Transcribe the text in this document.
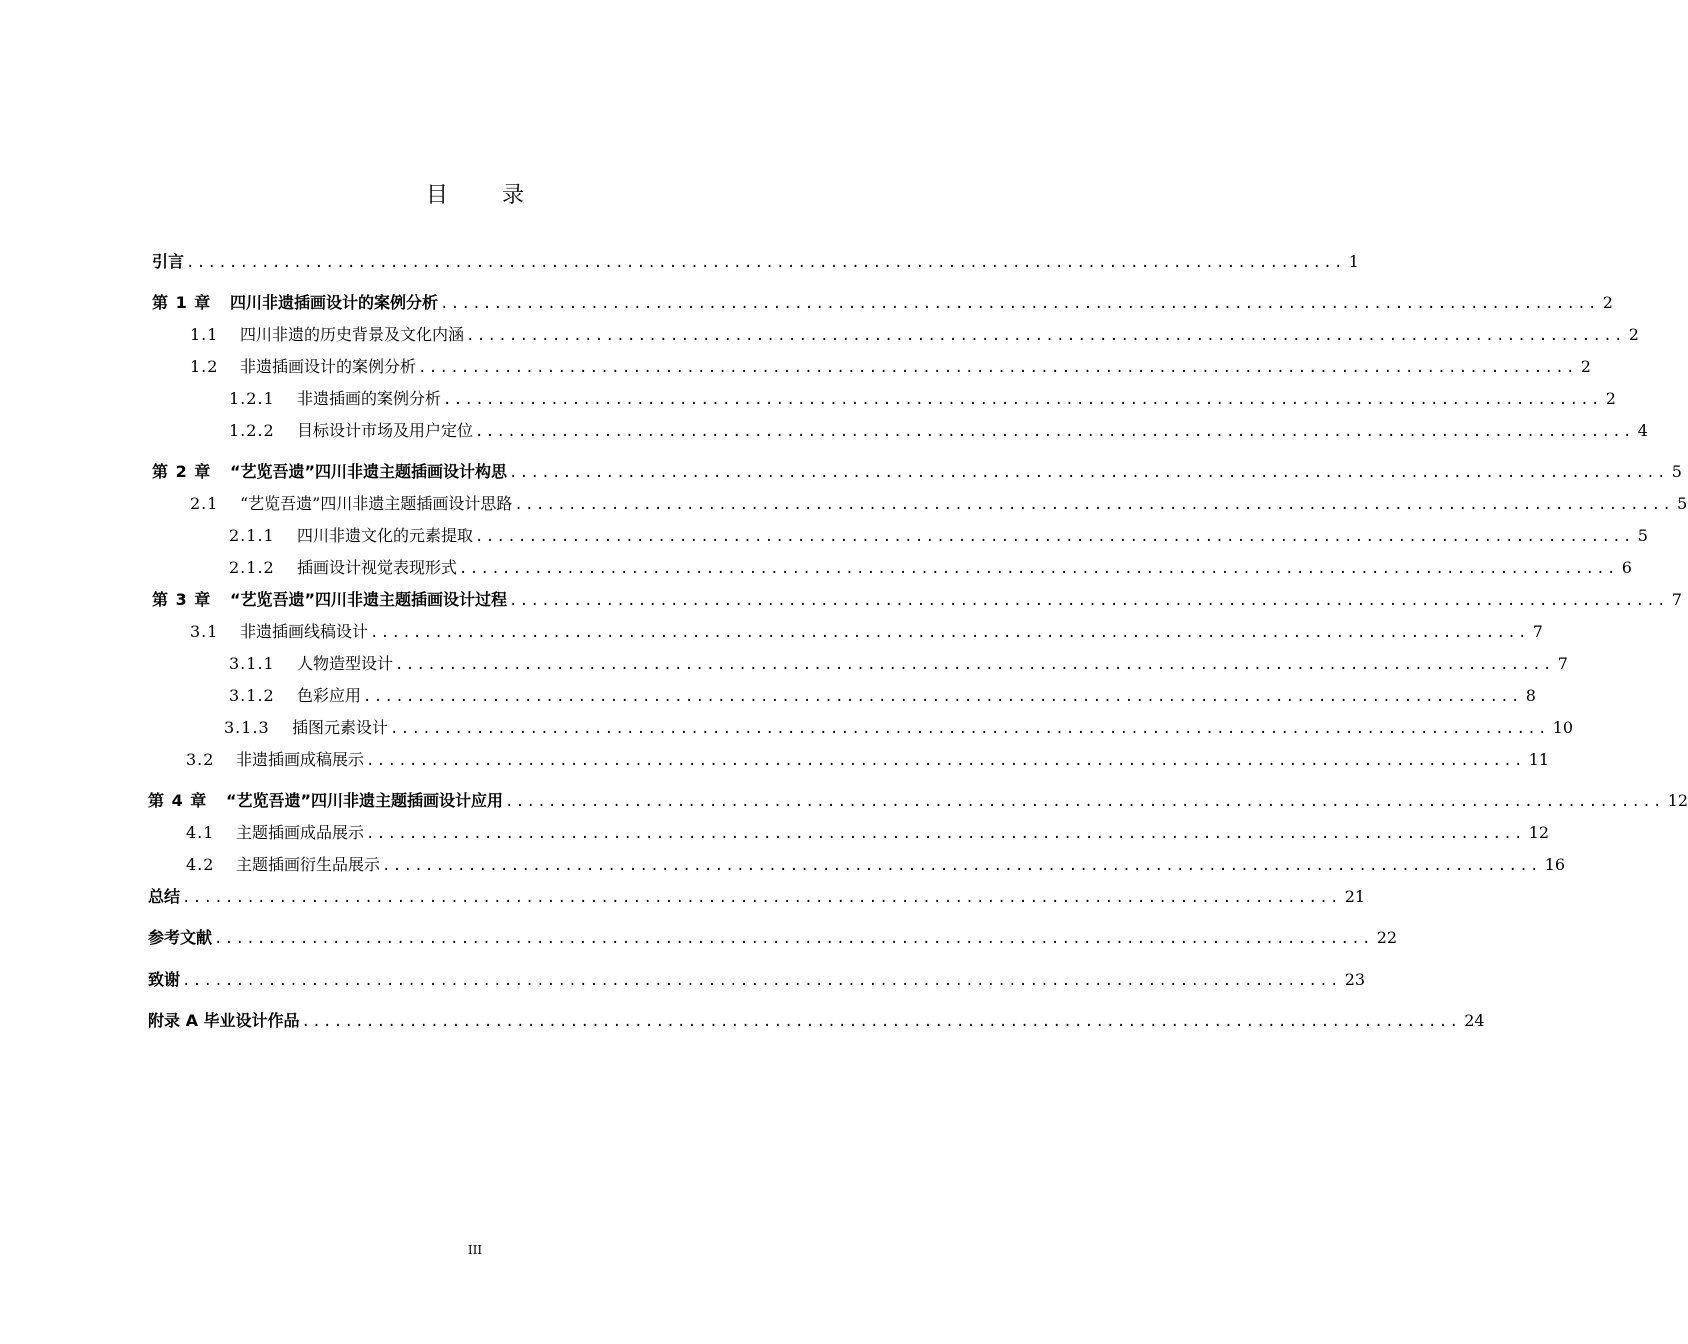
目 录
引言 ............................................................................................................ 1
第 1 章	四川非遗插画设计的案例分析 ............................................................................................................ 2
1.1	四川非遗的历史背景及文化内涵 ............................................................................................................ 2
1.2	非遗插画设计的案例分析 ............................................................................................................ 2
1.2.1	非遗插画的案例分析 ............................................................................................................ 2
1.2.2	目标设计市场及用户定位 ............................................................................................................ 4
第 2 章	“艺览吾遗”四川非遗主题插画设计构思 ............................................................................................................ 5
2.1	“艺览吾遗”四川非遗主题插画设计思路 ............................................................................................................ 5
2.1.1	四川非遗文化的元素提取 ............................................................................................................ 5
2.1.2	插画设计视觉表现形式 ............................................................................................................ 6
第 3 章	“艺览吾遗”四川非遗主题插画设计过程 ............................................................................................................ 7
3.1	非遗插画线稿设计 ............................................................................................................ 7
3.1.1	人物造型设计 ............................................................................................................ 7
3.1.2	色彩应用 ............................................................................................................ 8
3.1.3	插图元素设计 ............................................................................................................ 10
3.2	非遗插画成稿展示 ............................................................................................................ 11
第 4 章	“艺览吾遗”四川非遗主题插画设计应用 ............................................................................................................ 12
4.1	主题插画成品展示 ............................................................................................................ 12
4.2	主题插画衍生品展示 ............................................................................................................ 16
总结 ............................................................................................................ 21
参考文献 ............................................................................................................ 22
致谢 ............................................................................................................ 23
附录 A 毕业设计作品 ............................................................................................................ 24
III
